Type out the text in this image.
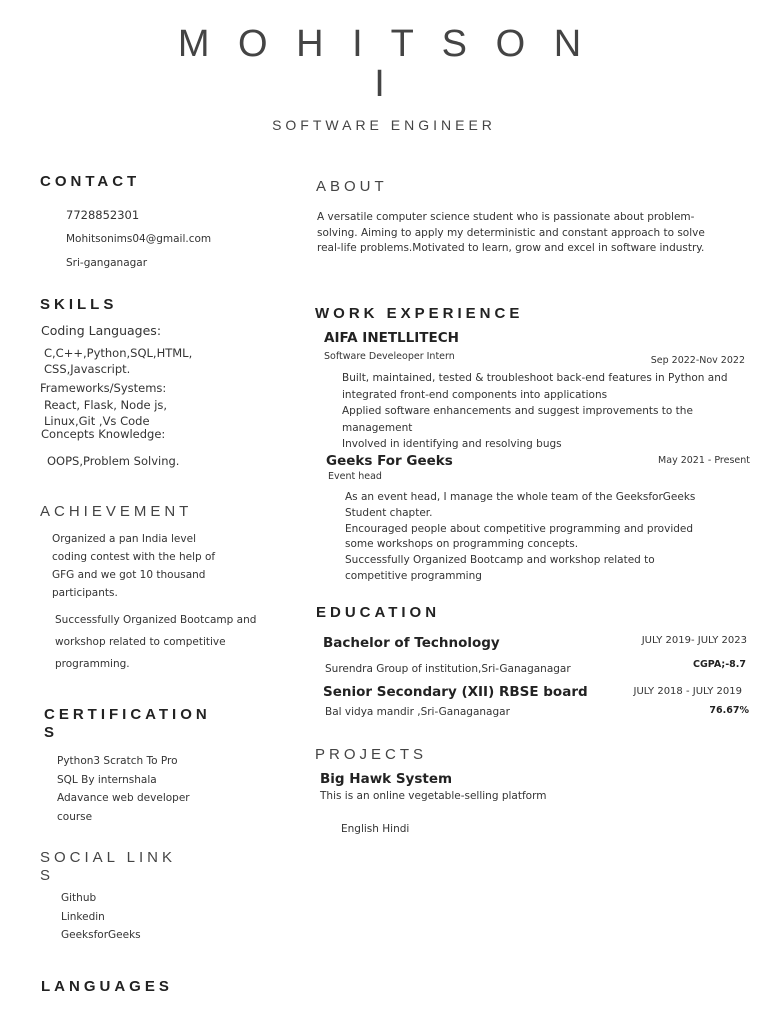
M O H I T S O N
I
SOFTWARE ENGINEER
CONTACT
7728852301
Mohitsonims04@gmail.com
Sri-ganganagar
SKILLS
Coding Languages:
C,C++,Python,SQL,HTML, CSS,Javascript.
Frameworks/Systems:
React, Flask, Node js, Linux,Git ,Vs Code
Concepts Knowledge:
OOPS,Problem Solving.
ACHIEVEMENT
Organized a pan India level coding contest with the help of GFG and we got 10 thousand participants.
Successfully Organized Bootcamp and workshop related to competitive programming.
CERTIFICATION
S
Python3 Scratch To Pro
SQL By internshala
Adavance web developer course
SOCIAL LINK
S
Github
Linkedin
GeeksforGeeks
LANGUAGES
ABOUT
A versatile computer science student who is passionate about problem-solving. Aiming to apply my deterministic and constant approach to solve real-life problems.Motivated to learn, grow and excel in software industry.
WORK EXPERIENCE
AIFA INETLLITECH
Software Develeoper Intern	Sep 2022-Nov 2022
Built, maintained, tested & troubleshoot back-end features in Python and integrated front-end components into applications
Applied software enhancements and suggest improvements to the management
Involved in identifying and resolving bugs
Geeks For Geeks
Event head
May 2021 - Present
As an event head, I manage the whole team of the GeeksforGeeks Student chapter.
Encouraged people about competitive programming and provided some workshops on programming concepts.
Successfully Organized Bootcamp and workshop related to competitive programming
EDUCATION
Bachelor of Technology	JULY 2019- JULY 2023
Surendra Group of institution,Sri-Ganaganagar	CGPA;-8.7
Senior Secondary (XII) RBSE board	JULY 2018 - JULY 2019
Bal vidya mandir ,Sri-Ganaganagar	76.67%
PROJECTS
Big Hawk System
This is an online vegetable-selling platform
English Hindi
